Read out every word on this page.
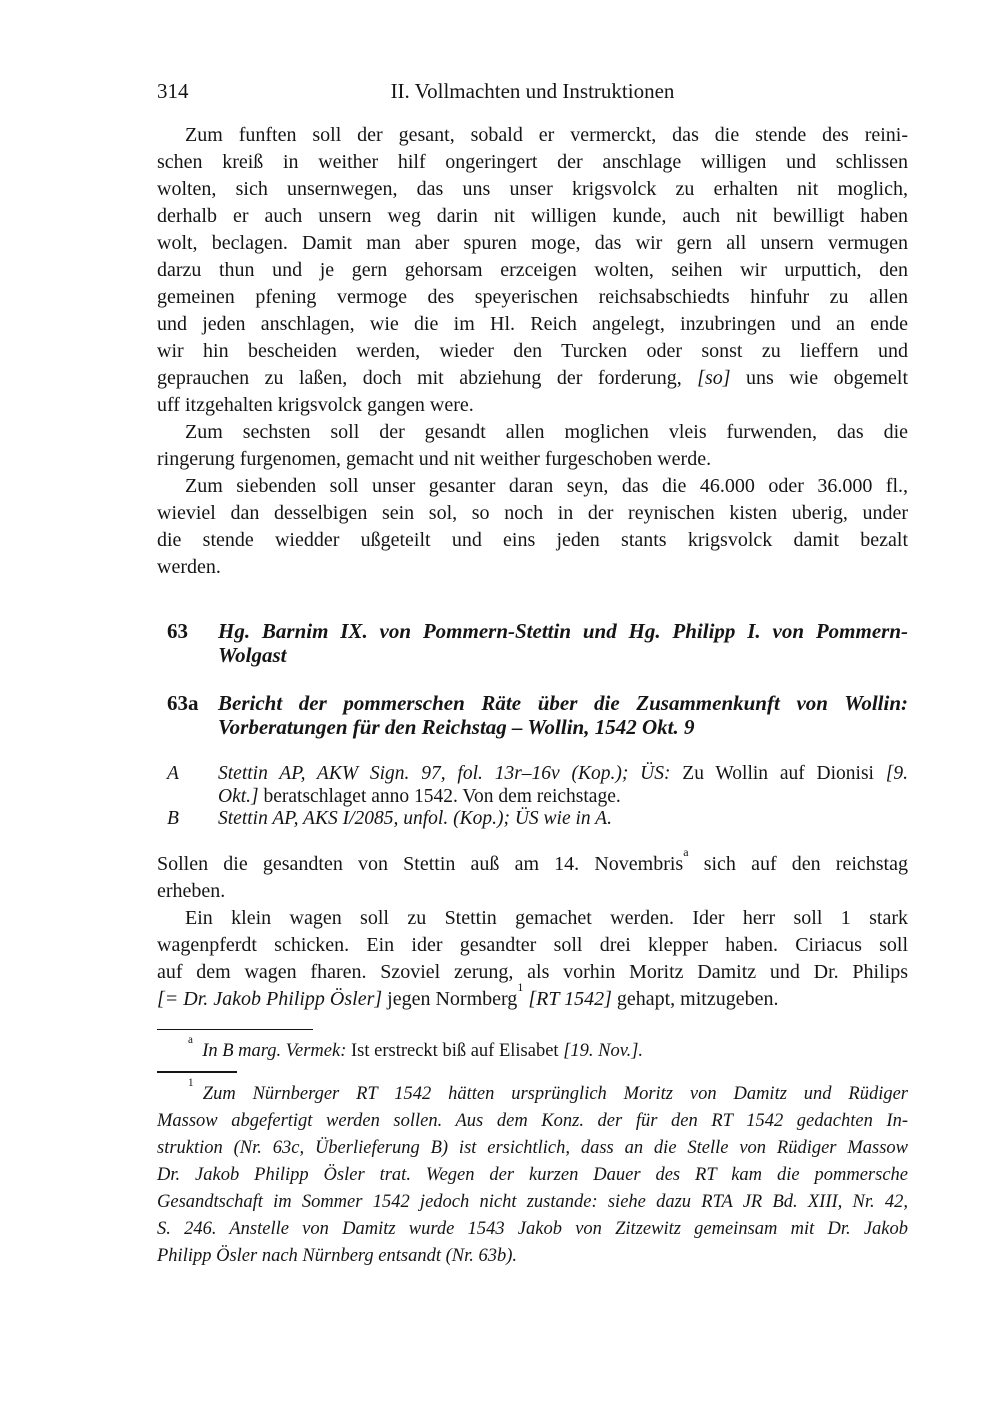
314	II. Vollmachten und Instruktionen
Zum funften soll der gesant, sobald er vermerckt, das die stende des reini-
schen kreiß in weither hilf ongeringert der anschlage willigen und schlissen
wolten, sich unsernwegen, das uns unser krigsvolck zu erhalten nit moglich,
derhalb er auch unsern weg darin nit willigen kunde, auch nit bewilligt haben
wolt, beclagen. Damit man aber spuren moge, das wir gern all unsern vermugen
darzu thun und je gern gehorsam erzceigen wolten, seihen wir urputtich, den
gemeinen pfening vermoge des speyerischen reichsabschiedts hinfuhr zu allen
und jeden anschlagen, wie die im Hl. Reich angelegt, inzubringen und an ende
wir hin bescheiden werden, wieder den Turcken oder sonst zu lieffern und
geprauchen zu laßen, doch mit abziehung der forderung, [so] uns wie obgemelt
uff itzgehalten krigsvolck gangen were.
Zum sechsten soll der gesandt allen moglichen vleis furwenden, das die
ringerung furgenomen, gemacht und nit weither furgeschoben werde.
Zum siebenden soll unser gesanter daran seyn, das die 46.000 oder 36.000 fl.,
wieviel dan desselbigen sein sol, so noch in der reynischen kisten uberig, under
die stende wiedder ußgeteilt und eins jeden stants krigsvolck damit bezalt
werden.
63	Hg. Barnim IX. von Pommern-Stettin und Hg. Philipp I. von Pommern-
Wolgast
63a Bericht der pommerschen Räte über die Zusammenkunft von Wollin:
Vorberatungen für den Reichstag – Wollin, 1542 Okt. 9
A	Stettin AP, AKW Sign. 97, fol. 13r–16v (Kop.); ÜS: Zu Wollin auf Dionisi [9.
Okt.] beratschlaget anno 1542. Von dem reichstage.
B	Stettin AP, AKS I/2085, unfol. (Kop.); ÜS wie in A.
Sollen die gesandten von Stettin auß am 14. Novembris$^a$ sich auf den reichstag
erheben.
Ein klein wagen soll zu Stettin gemachet werden. Ider herr soll 1 stark
wagenpferdt schicken. Ein ider gesandter soll drei klepper haben. Ciriacus soll
auf dem wagen fharen. Szoviel zerung, als vorhin Moritz Damitz und Dr. Philips
[= Dr. Jakob Philipp Ösler] jegen Normberg$^1$ [RT 1542] gehapt, mitzugeben.
$^a$ In B marg. Vermek: Ist erstreckt biß auf Elisabet [19. Nov.].
$^1$ Zum Nürnberger RT 1542 hätten ursprünglich Moritz von Damitz und Rüdiger
Massow abgefertigt werden sollen. Aus dem Konz. der für den RT 1542 gedachten In-
struktion (Nr. 63c, Überlieferung B) ist ersichtlich, dass an die Stelle von Rüdiger Massow
Dr. Jakob Philipp Ösler trat. Wegen der kurzen Dauer des RT kam die pommersche
Gesandtschaft im Sommer 1542 jedoch nicht zustande: siehe dazu RTA JR Bd. XIII, Nr. 42,
S. 246. Anstelle von Damitz wurde 1543 Jakob von Zitzewitz gemeinsam mit Dr. Jakob
Philipp Ösler nach Nürnberg entsandt (Nr. 63b).
